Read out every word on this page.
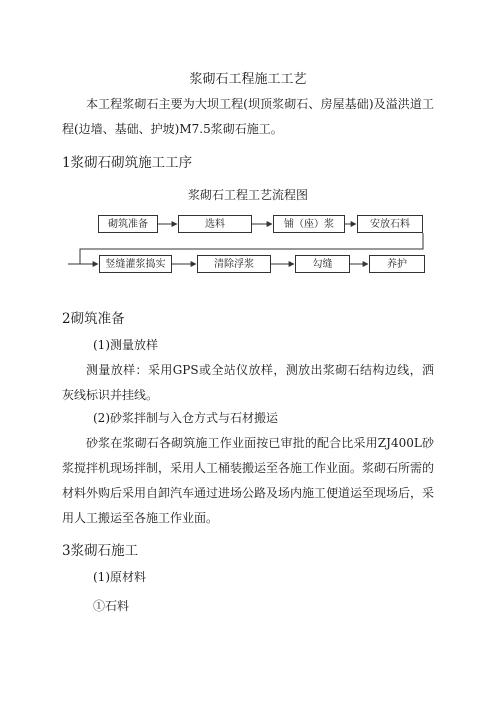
浆砌石工程施工工艺
本工程浆砌石主要为大坝工程(坝顶浆砌石、房屋基础)及溢洪道工程(边墙、基础、护坡)M7.5浆砌石施工。
1浆砌石砌筑施工工序
浆砌石工程工艺流程图
砌筑准备	选料	铺（座）浆	安放石料
竖缝灌浆捣实	清除浮浆	勾缝	养护
2砌筑准备
(1)测量放样
测量放样：采用GPS或全站仪放样，测放出浆砌石结构边线，洒灰线标识并挂线。
(2)砂浆拌制与入仓方式与石材搬运
砂浆在浆砌石各砌筑施工作业面按已审批的配合比采用ZJ400L砂浆搅拌机现场拌制，采用人工桶装搬运至各施工作业面。浆砌石所需的材料外购后采用自卸汽车通过进场公路及场内施工便道运至现场后，采用人工搬运至各施工作业面。
3浆砌石施工
(1)原材料
①石料
